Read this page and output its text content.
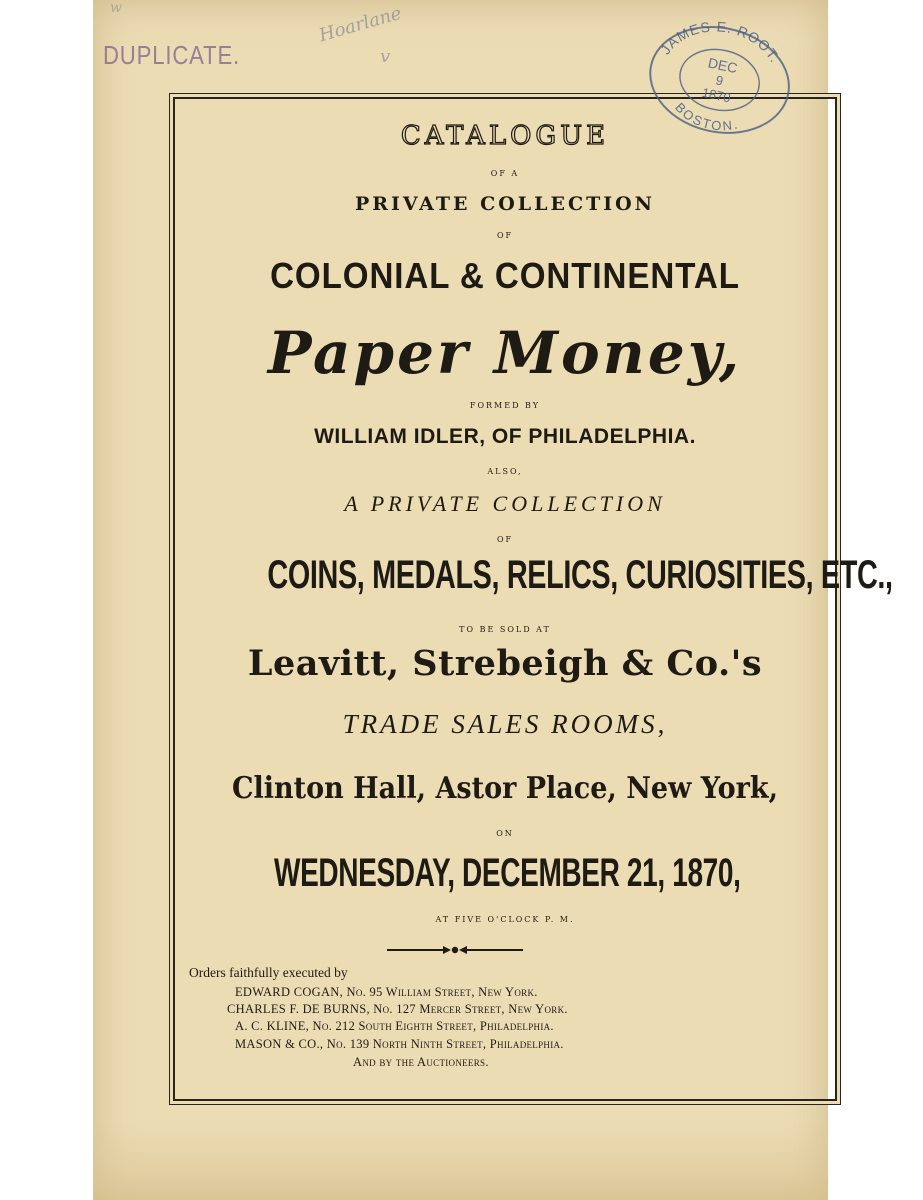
CATALOGUE
OF A
PRIVATE COLLECTION
OF
COLONIAL & CONTINENTAL
Paper Money,
FORMED BY
WILLIAM IDLER, OF PHILADELPHIA.
ALSO,
A PRIVATE COLLECTION
OF
COINS, MEDALS, RELICS, CURIOSITIES, ETC.,
TO BE SOLD AT
Leavitt, Strebeigh & Co.'s
TRADE SALES ROOMS,
Clinton Hall, Astor Place, New York,
ON
WEDNESDAY, DECEMBER 21, 1870,
AT FIVE O'CLOCK P. M.
Orders faithfully executed by
EDWARD COGAN, No. 95 William Street, New York.
CHARLES F. DE BURNS, No. 127 Mercer Street, New York.
A. C. KLINE, No. 212 South Eighth Street, Philadelphia.
MASON & CO., No. 139 North Ninth Street, Philadelphia.
And by the Auctioneers.
DUPLICATE.
Hoarlane
v
w
JAMES E. ROOT.
BOSTON.
DEC
9
1870
